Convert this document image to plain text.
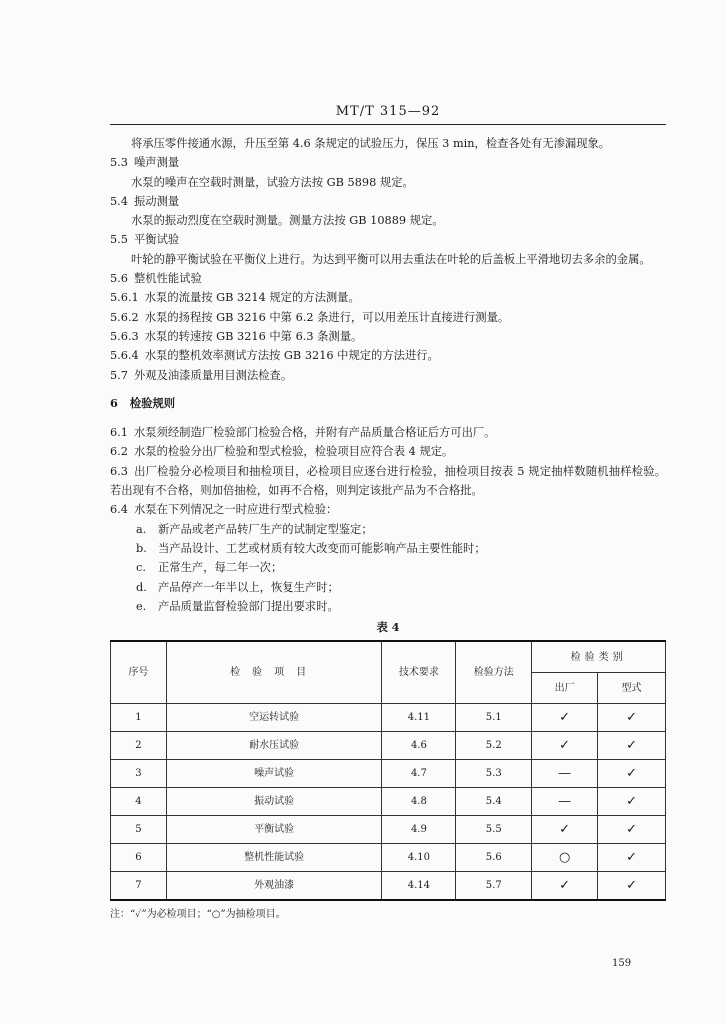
MT/T 315—92

将承压零件接通水源，升压至第 4.6 条规定的试验压力，保压 3 min，检查各处有无渗漏现象。

5.3 噪声测量

水泵的噪声在空载时测量，试验方法按 GB 5898 规定。

5.4 振动测量

水泵的振动烈度在空载时测量。测量方法按 GB 10889 规定。

5.5 平衡试验

叶轮的静平衡试验在平衡仪上进行。为达到平衡可以用去重法在叶轮的后盖板上平滑地切去多余的金属。

5.6 整机性能试验

5.6.1 水泵的流量按 GB 3214 规定的方法测量。

5.6.2 水泵的扬程按 GB 3216 中第 6.2 条进行，可以用差压计直接进行测量。

5.6.3 水泵的转速按 GB 3216 中第 6.3 条测量。

5.6.4 水泵的整机效率测试方法按 GB 3216 中规定的方法进行。

5.7 外观及油漆质量用目测法检查。

6 检验规则

6.1 水泵须经制造厂检验部门检验合格，并附有产品质量合格证后方可出厂。

6.2 水泵的检验分出厂检验和型式检验，检验项目应符合表 4 规定。

6.3 出厂检验分必检项目和抽检项目，必检项目应逐台进行检验，抽检项目按表 5 规定抽样数随机抽样检验。若出现有不合格，则加倍抽检，如再不合格，则判定该批产品为不合格批。

6.4 水泵在下列情况之一时应进行型式检验：

a. 新产品或老产品转厂生产的试制定型鉴定；

b. 当产品设计、工艺或材质有较大改变而可能影响产品主要性能时；

c. 正常生产，每二年一次；

d. 产品停产一年半以上，恢复生产时；

e. 产品质量监督检验部门提出要求时。

表 4
序号	检验项目	技术要求	检验方法	检验类别	
				出厂	型式
1	空运转试验	4.11	5.1	✓	✓
2	耐水压试验	4.6	5.2	✓	✓
3	噪声试验	4.7	5.3	—	✓
4	振动试验	4.8	5.4	—	✓
5	平衡试验	4.9	5.5	✓	✓
6	整机性能试验	4.10	5.6	○	✓
7	外观油漆	4.14	5.7	✓	✓
注：“✓”为必检项目；“○”为抽检项目。
159
